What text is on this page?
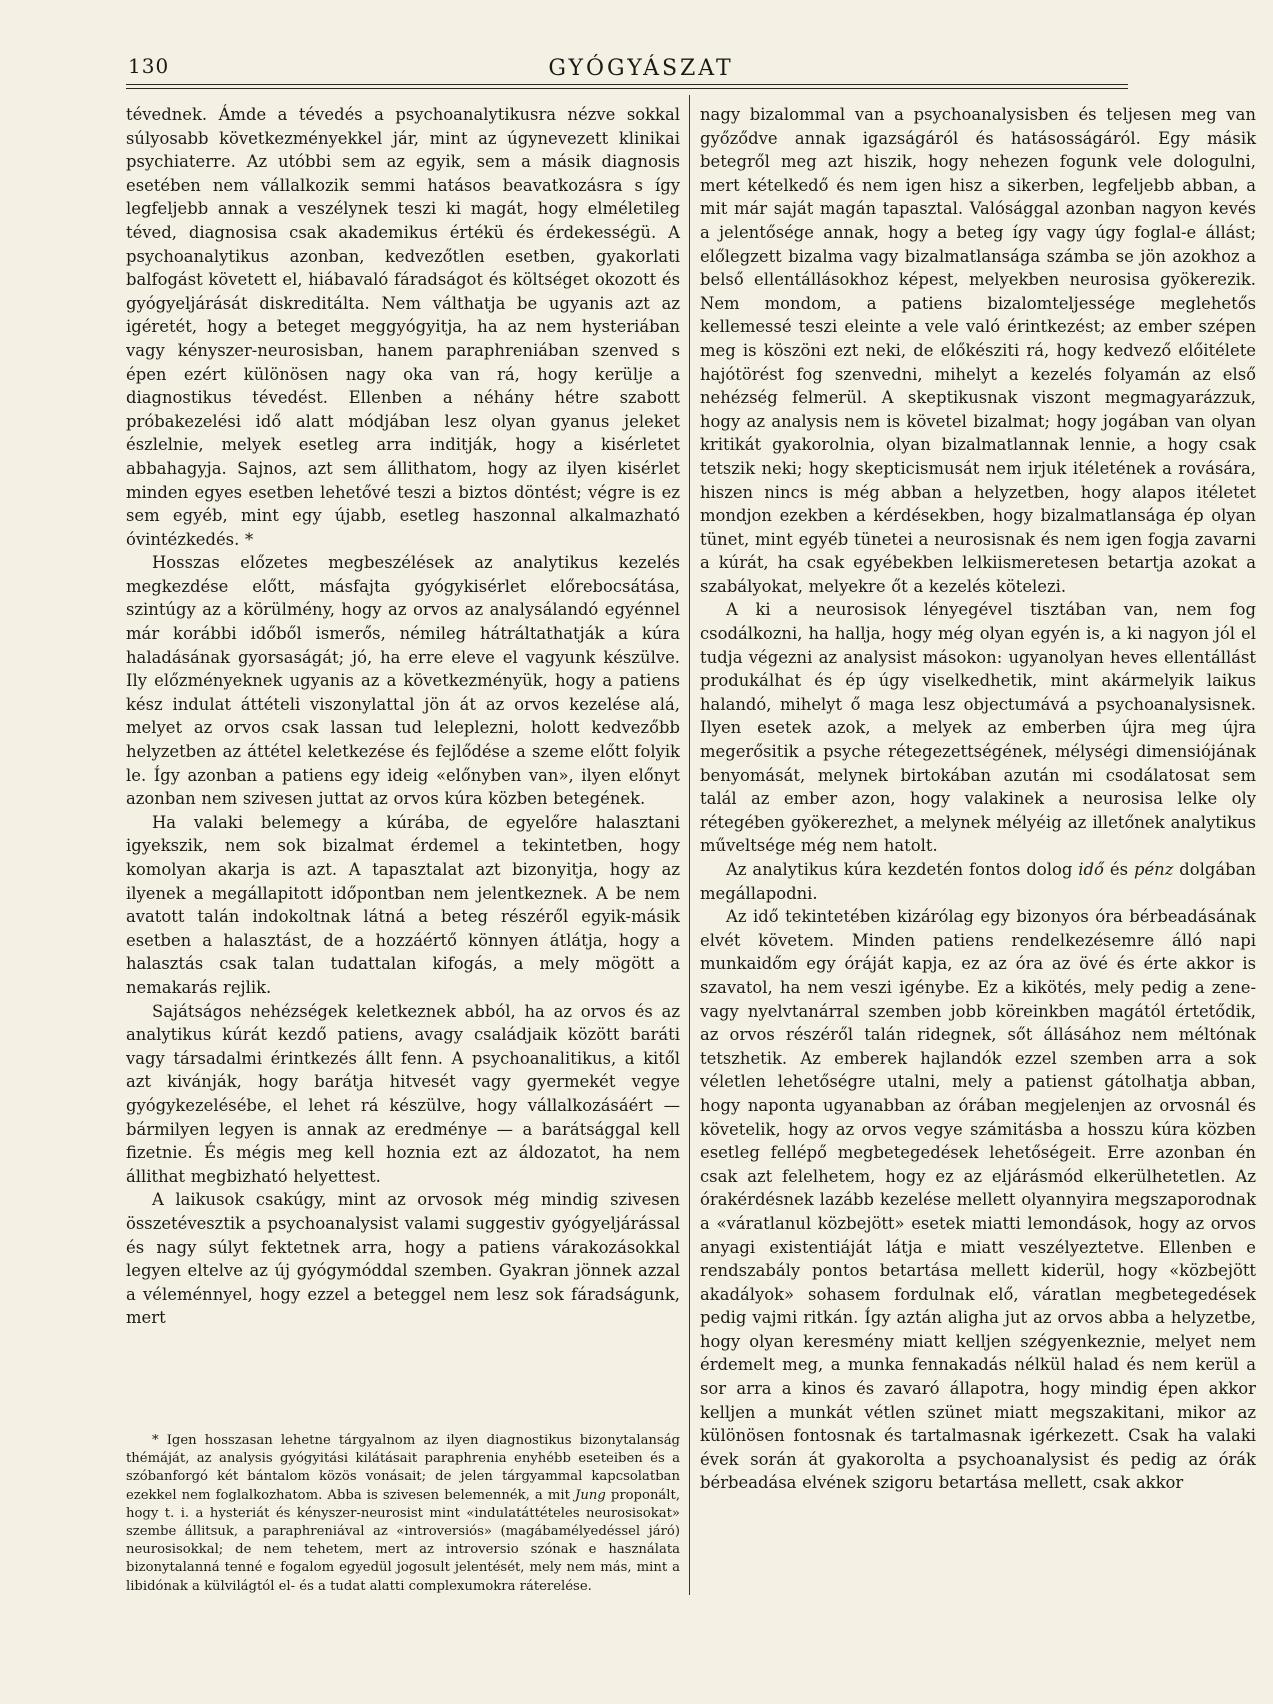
130	GYÓGYÁSZAT

tévednek. Ámde a tévedés a psychoanalytikusra nézve sokkal súlyosabb következményekkel jár, mint az úgynevezett klinikai psychiaterre. Az utóbbi sem az egyik, sem a másik diagnosis esetében nem vállalkozik semmi hatásos beavatkozásra s így legfeljebb annak a veszélynek teszi ki magát, hogy elméletileg téved, diagnosisa csak akademikus értékü és érdekességü. A psychoanalytikus azonban, kedvezőtlen esetben, gyakorlati balfogást követett el, hiábavaló fáradságot és költséget okozott és gyógyeljárását diskreditálta. Nem válthatja be ugyanis azt az igéretét, hogy a beteget meggyógyitja, ha az nem hysteriában vagy kényszer-neurosisban, hanem paraphreniában szenved s épen ezért különösen nagy oka van rá, hogy kerülje a diagnostikus tévedést. Ellenben a néhány hétre szabott próbakezelési idő alatt módjában lesz olyan gyanus jeleket észlelnie, melyek esetleg arra inditják, hogy a kisérletet abbahagyja. Sajnos, azt sem állithatom, hogy az ilyen kisérlet minden egyes esetben lehetővé teszi a biztos döntést; végre is ez sem egyéb, mint egy újabb, esetleg haszonnal alkalmazható óvintézkedés. *

Hosszas előzetes megbeszélések az analytikus kezelés megkezdése előtt, másfajta gyógykisérlet előrebocsátása, szintúgy az a körülmény, hogy az orvos az analysálandó egyénnel már korábbi időből ismerős, némileg hátráltathatják a kúra haladásának gyorsaságát; jó, ha erre eleve el vagyunk készülve. Ily előzményeknek ugyanis az a következményük, hogy a patiens kész indulat áttételi viszonylattal jön át az orvos kezelése alá, melyet az orvos csak lassan tud leleplezni, holott kedvezőbb helyzetben az áttétel keletkezése és fejlődése a szeme előtt folyik le. Így azonban a patiens egy ideig «előnyben van», ilyen előnyt azonban nem szivesen juttat az orvos kúra közben betegének.

Ha valaki belemegy a kúrába, de egyelőre halasztani igyekszik, nem sok bizalmat érdemel a tekintetben, hogy komolyan akarja is azt. A tapasztalat azt bizonyitja, hogy az ilyenek a megállapitott időpontban nem jelentkeznek. A be nem avatott talán indokoltnak látná a beteg részéről egyik-másik esetben a halasztást, de a hozzáértő könnyen átlátja, hogy a halasztás csak talan tudattalan kifogás, a mely mögött a nemakarás rejlik.

Sajátságos nehézségek keletkeznek abból, ha az orvos és az analytikus kúrát kezdő patiens, avagy családjaik között baráti vagy társadalmi érintkezés állt fenn. A psychoanalitikus, a kitől azt kivánják, hogy barátja hitvesét vagy gyermekét vegye gyógykezelésébe, el lehet rá készülve, hogy vállalkozásáért — bármilyen legyen is annak az eredménye — a barátsággal kell fizetnie. És mégis meg kell hoznia ezt az áldozatot, ha nem állithat megbizható helyettest.

A laikusok csakúgy, mint az orvosok még mindig szivesen összetévesztik a psychoanalysist valami suggestiv gyógyeljárással és nagy súlyt fektetnek arra, hogy a patiens várakozásokkal legyen eltelve az új gyógymóddal szemben. Gyakran jönnek azzal a véleménnyel, hogy ezzel a beteggel nem lesz sok fáradságunk, mert

* Igen hosszasan lehetne tárgyalnom az ilyen diagnostikus bizonytalanság thémáját, az analysis gyógyitási kilátásait paraphrenia enyhébb eseteiben és a szóbanforgó két bántalom közös vonásait; de jelen tárgyammal kapcsolatban ezekkel nem foglalkozhatom. Abba is szivesen belemennék, a mit Jung proponált, hogy t. i. a hysteriát és kényszer-neurosist mint «indulatáttételes neurosisokat» szembe állitsuk, a paraphreniával az «introversiós» (magábamélyedéssel járó) neurosisokkal; de nem tehetem, mert az introversio szónak e használata bizonytalanná tenné e fogalom egyedül jogosult jelentését, mely nem más, mint a libidónak a külvilágtól el- és a tudat alatti complexumokra ráterelése.

nagy bizalommal van a psychoanalysisben és teljesen meg van győződve annak igazságáról és hatásosságáról. Egy másik betegről meg azt hiszik, hogy nehezen fogunk vele dologulni, mert kételkedő és nem igen hisz a sikerben, legfeljebb abban, a mit már saját magán tapasztal. Valósággal azonban nagyon kevés a jelentősége annak, hogy a beteg így vagy úgy foglal-e állást; előlegzett bizalma vagy bizalmatlansága számba se jön azokhoz a belső ellentállásokhoz képest, melyekben neurosisa gyökerezik. Nem mondom, a patiens bizalomteljessége meglehetős kellemessé teszi eleinte a vele való érintkezést; az ember szépen meg is köszöni ezt neki, de előkésziti rá, hogy kedvező előitélete hajótörést fog szenvedni, mihelyt a kezelés folyamán az első nehézség felmerül. A skeptikusnak viszont megmagyarázzuk, hogy az analysis nem is követel bizalmat; hogy jogában van olyan kritikát gyakorolnia, olyan bizalmatlannak lennie, a hogy csak tetszik neki; hogy skepticismusát nem irjuk itéletének a rovására, hiszen nincs is még abban a helyzetben, hogy alapos itéletet mondjon ezekben a kérdésekben, hogy bizalmatlansága ép olyan tünet, mint egyéb tünetei a neurosisnak és nem igen fogja zavarni a kúrát, ha csak egyébekben lelkiismeretesen betartja azokat a szabályokat, melyekre őt a kezelés kötelezi.

A ki a neurosisok lényegével tisztában van, nem fog csodálkozni, ha hallja, hogy még olyan egyén is, a ki nagyon jól el tudja végezni az analysist másokon: ugyanolyan heves ellentállást produkálhat és ép úgy viselkedhetik, mint akármelyik laikus halandó, mihelyt ő maga lesz objectumává a psychoanalysisnek. Ilyen esetek azok, a melyek az emberben újra meg újra megerősitik a psyche rétegezettségének, mélységi dimensiójának benyomását, melynek birtokában azután mi csodálatosat sem talál az ember azon, hogy valakinek a neurosisa lelke oly rétegében gyökerezhet, a melynek mélyéig az illetőnek analytikus műveltsége még nem hatolt.

Az analytikus kúra kezdetén fontos dolog idő és pénz dolgában megállapodni.

Az idő tekintetében kizárólag egy bizonyos óra bérbeadásának elvét követem. Minden patiens rendelkezésemre álló napi munkaidőm egy óráját kapja, ez az óra az övé és érte akkor is szavatol, ha nem veszi igénybe. Ez a kikötés, mely pedig a zene- vagy nyelvtanárral szemben jobb köreinkben magától értetődik, az orvos részéről talán ridegnek, sőt állásához nem méltónak tetszhetik. Az emberek hajlandók ezzel szemben arra a sok véletlen lehetőségre utalni, mely a patienst gátolhatja abban, hogy naponta ugyanabban az órában megjelenjen az orvosnál és követelik, hogy az orvos vegye számitásba a hosszu kúra közben esetleg fellépő megbetegedések lehetőségeit. Erre azonban én csak azt felelhetem, hogy ez az eljárásmód elkerülhetetlen. Az órakérdésnek lazább kezelése mellett olyannyira megszaporodnak a «váratlanul közbejött» esetek miatti lemondások, hogy az orvos anyagi existentiáját látja e miatt veszélyeztetve. Ellenben e rendszabály pontos betartása mellett kiderül, hogy «közbejött akadályok» sohasem fordulnak elő, váratlan megbetegedések pedig vajmi ritkán. Így aztán aligha jut az orvos abba a helyzetbe, hogy olyan keresmény miatt kelljen szégyenkeznie, melyet nem érdemelt meg, a munka fennakadás nélkül halad és nem kerül a sor arra a kinos és zavaró állapotra, hogy mindig épen akkor kelljen a munkát vétlen szünet miatt megszakitani, mikor az különösen fontosnak és tartalmasnak igérkezett. Csak ha valaki évek során át gyakorolta a psychoanalysist és pedig az órák bérbeadása elvének szigoru betartása mellett, csak akkor
